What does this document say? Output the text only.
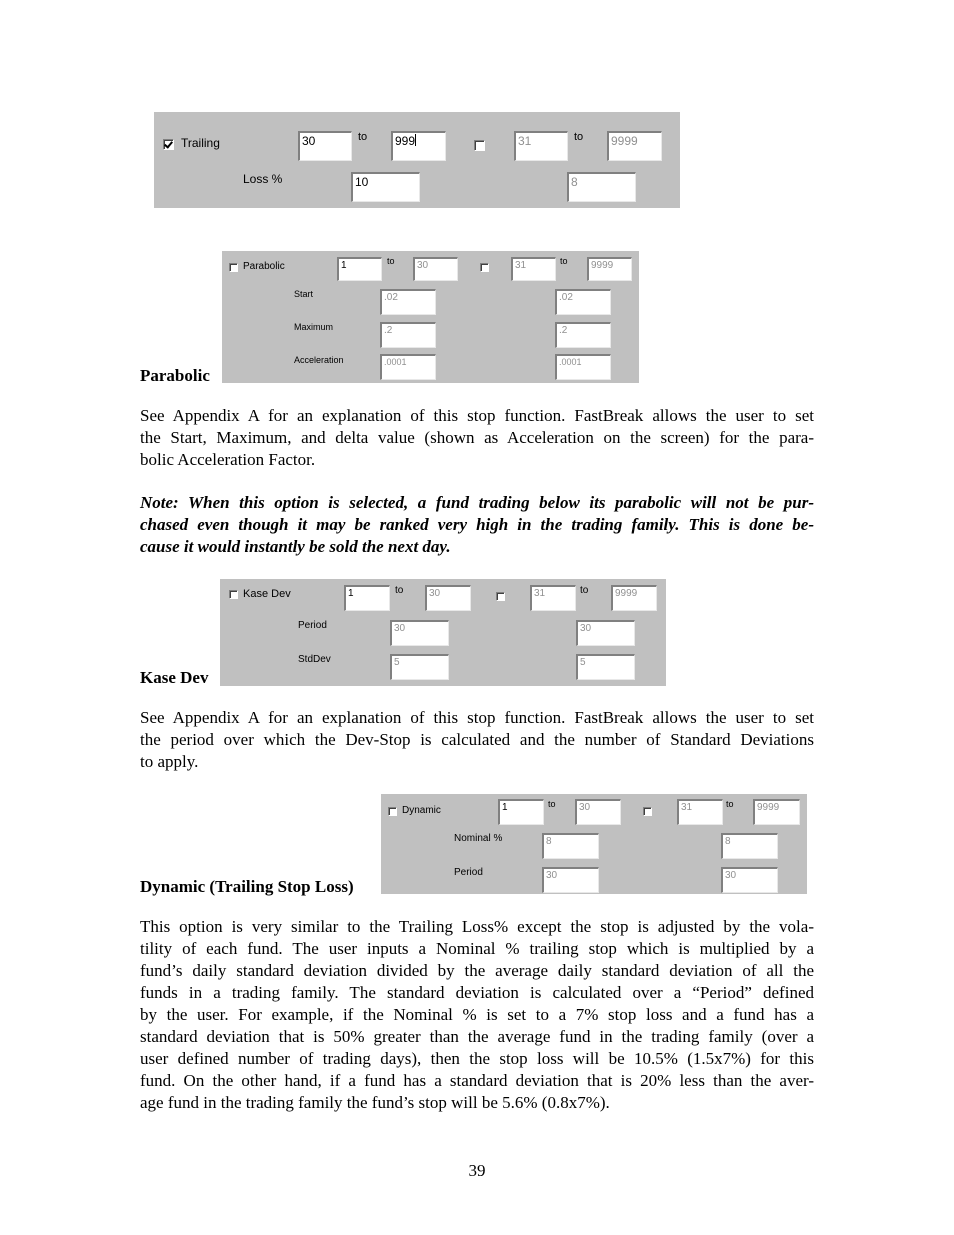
Trailing	30	to	999	31	to	9999
Loss %	10	8
Parabolic
Parabolic	1	to	30	31	to	9999
Start	.02	.02
Maximum	.2	.2
Acceleration	.0001	.0001
See Appendix A for an explanation of this stop function. FastBreak allows the user to set
the Start, Maximum, and delta value (shown as Acceleration on the screen) for the para-
bolic Acceleration Factor.
Note: When this option is selected, a fund trading below its parabolic will not be pur-
chased even though it may be ranked very high in the trading family. This is done be-
cause it would instantly be sold the next day.
Kase Dev
Kase Dev	1	to	30	31	to	9999
Period	30	30
StdDev	5	5
See Appendix A for an explanation of this stop function. FastBreak allows the user to set
the period over which the Dev-Stop is calculated and the number of Standard Deviations
to apply.
Dynamic (Trailing Stop Loss)
Dynamic	1	to	30	31	to	9999
Nominal %	8	8
Period	30	30
This option is very similar to the Trailing Loss% except the stop is adjusted by the vola-
tility of each fund. The user inputs a Nominal % trailing stop which is multiplied by a
fund’s daily standard deviation divided by the average daily standard deviation of all the
funds in a trading family. The standard deviation is calculated over a “Period” defined
by the user. For example, if the Nominal % is set to a 7% stop loss and a fund has a
standard deviation that is 50% greater than the average fund in the trading family (over a
user defined number of trading days), then the stop loss will be 10.5% (1.5x7%) for this
fund. On the other hand, if a fund has a standard deviation that is 20% less than the aver-
age fund in the trading family the fund’s stop will be 5.6% (0.8x7%).
39
